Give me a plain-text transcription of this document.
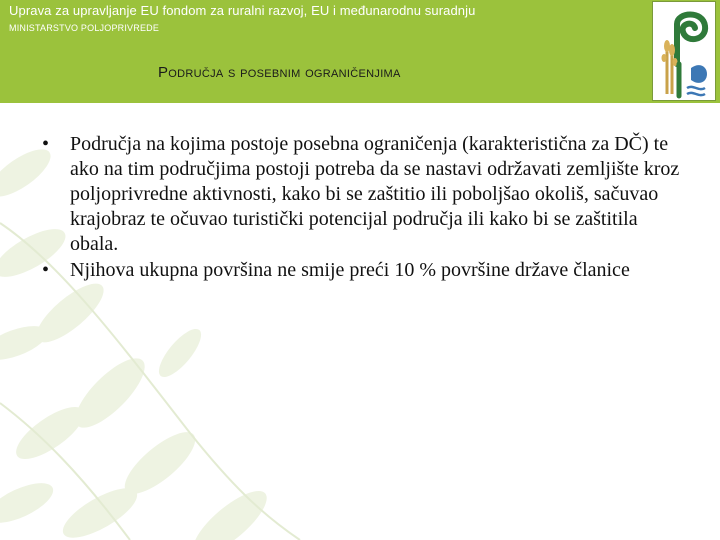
Uprava za upravljanje EU fondom za ruralni razvoj, EU i međunarodnu suradnju
MINISTARSTVO POLJOPRIVREDE
Područja s posebnim ograničenjima
• Područja na kojima postoje posebna ograničenja (karakteristična za DČ) te ako na tim područjima postoji potreba da se nastavi održavati zemljište kroz poljoprivredne aktivnosti, kako bi se zaštitio ili poboljšao okoliš, sačuvao krajobraz te očuvao turistički potencijal područja ili kako bi se zaštitila obala.
• Njihova ukupna površina ne smije preći 10 % površine države članice
